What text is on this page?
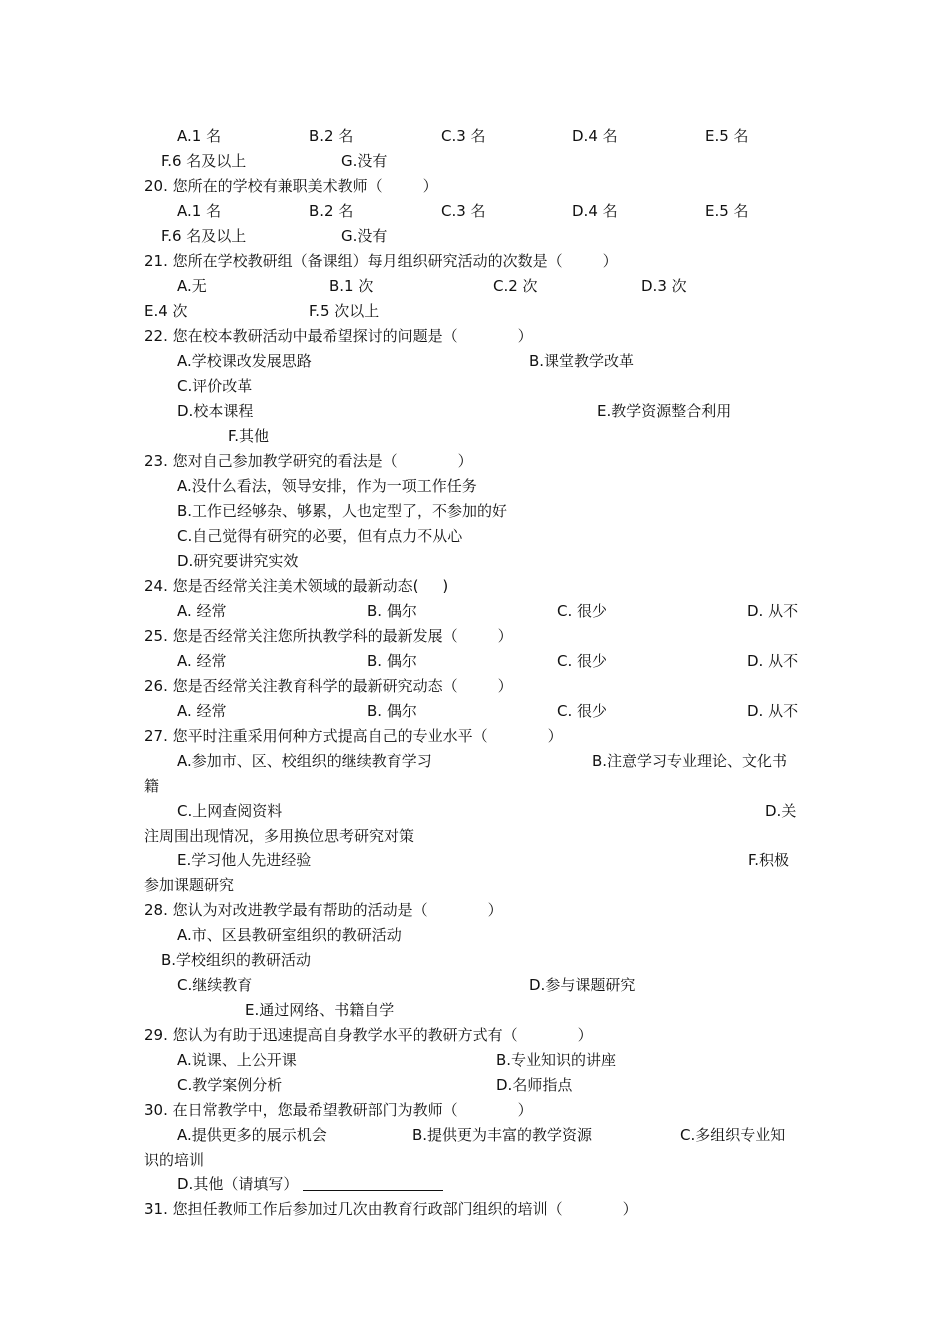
A.1 名	B.2 名	C.3 名	D.4 名	E.5 名
F.6 名及以上	G.没有
20. 您所在的学校有兼职美术教师（	）
A.1 名	B.2 名	C.3 名	D.4 名	E.5 名
F.6 名及以上	G.没有
21. 您所在学校教研组（备课组）每月组织研究活动的次数是（	）
A.无	B.1 次	C.2 次	D.3 次
E.4 次	F.5 次以上
22. 您在校本教研活动中最希望探讨的问题是（	）
A.学校课改发展思路	B.课堂教学改革
C.评价改革
D.校本课程	E.教学资源整合利用
F.其他
23. 您对自己参加教学研究的看法是（	）
A.没什么看法，领导安排，作为一项工作任务
B.工作已经够杂、够累，人也定型了，不参加的好
C.自己觉得有研究的必要，但有点力不从心
D.研究要讲究实效
24. 您是否经常关注美术领域的最新动态( )
A. 经常	B. 偶尔	C. 很少	D. 从不
25. 您是否经常关注您所执教学科的最新发展（	）
A. 经常	B. 偶尔	C. 很少	D. 从不
26. 您是否经常关注教育科学的最新研究动态（	）
A. 经常	B. 偶尔	C. 很少	D. 从不
27. 您平时注重采用何种方式提高自己的专业水平（	）
A.参加市、区、校组织的继续教育学习	B.注意学习专业理论、文化书
籍
C.上网查阅资料	D.关
注周围出现情况，多用换位思考研究对策
E.学习他人先进经验	F.积极
参加课题研究
28. 您认为对改进教学最有帮助的活动是（	）
A.市、区县教研室组织的教研活动
B.学校组织的教研活动
C.继续教育	D.参与课题研究
E.通过网络、书籍自学
29. 您认为有助于迅速提高自身教学水平的教研方式有（	）
A.说课、上公开课	B.专业知识的讲座
C.教学案例分析	D.名师指点
30. 在日常教学中，您最希望教研部门为教师（	）
A.提供更多的展示机会	B.提供更为丰富的教学资源	C.多组织专业知
识的培训
D.其他（请填写）
31. 您担任教师工作后参加过几次由教育行政部门组织的培训（	）
